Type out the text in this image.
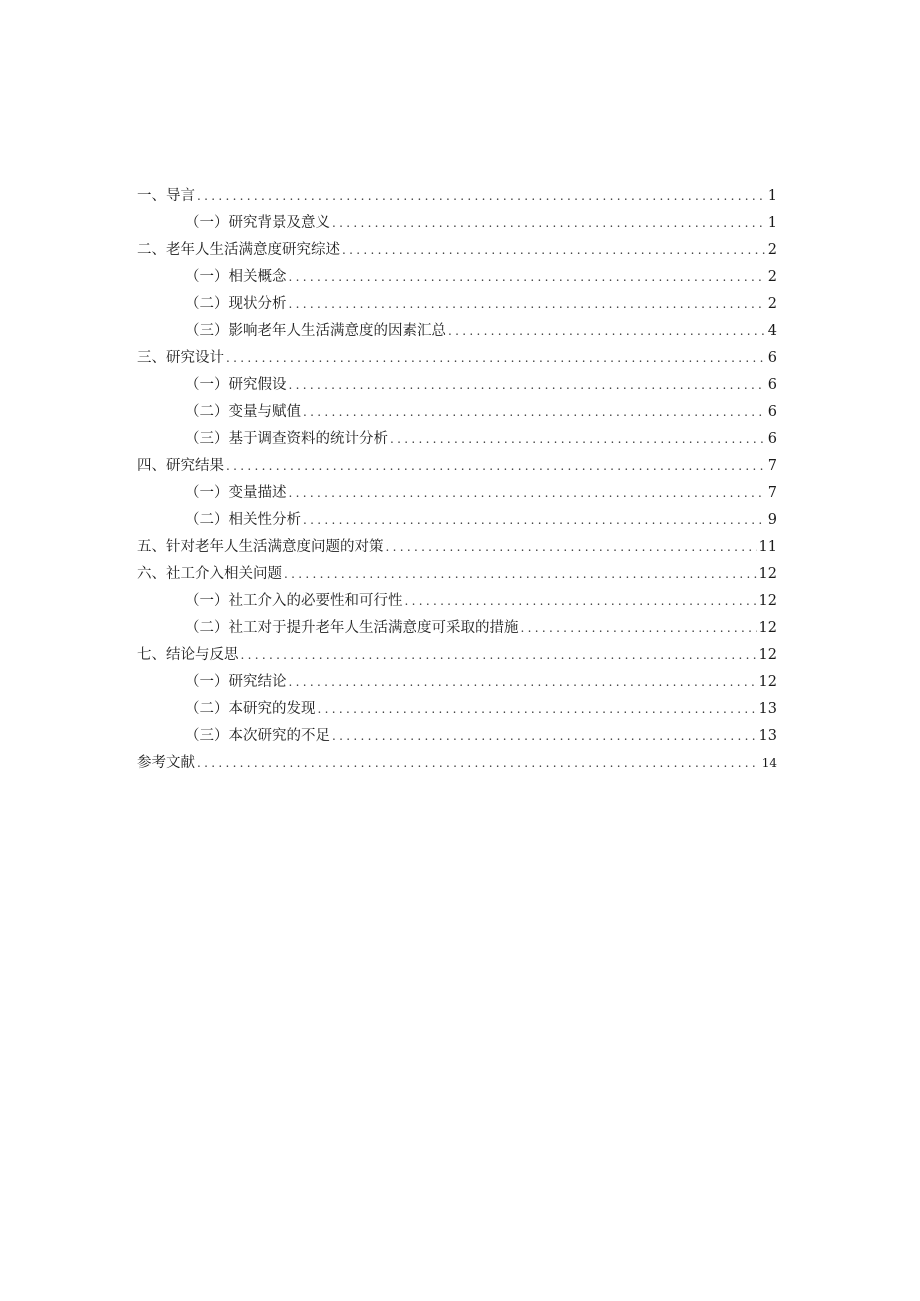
一、导言 .....	1
（一）研究背景及意义 .....	1
二、老年人生活满意度研究综述 .....	2
（一）相关概念 .....	2
（二）现状分析 .....	2
（三）影响老年人生活满意度的因素汇总 .....	4
三、研究设计 .....	6
（一）研究假设 .....	6
（二）变量与赋值 .....	6
（三）基于调查资料的统计分析 .....	6
四、研究结果 .....	7
（一）变量描述 .....	7
（二）相关性分析 .....	9
五、针对老年人生活满意度问题的对策 .....	11
六、社工介入相关问题 .....	12
（一）社工介入的必要性和可行性 .....	12
（二）社工对于提升老年人生活满意度可采取的措施 .....	12
七、结论与反思 .....	12
（一）研究结论 .....	12
（二）本研究的发现 .....	13
（三）本次研究的不足 .....	13
参考文献 .....	14
